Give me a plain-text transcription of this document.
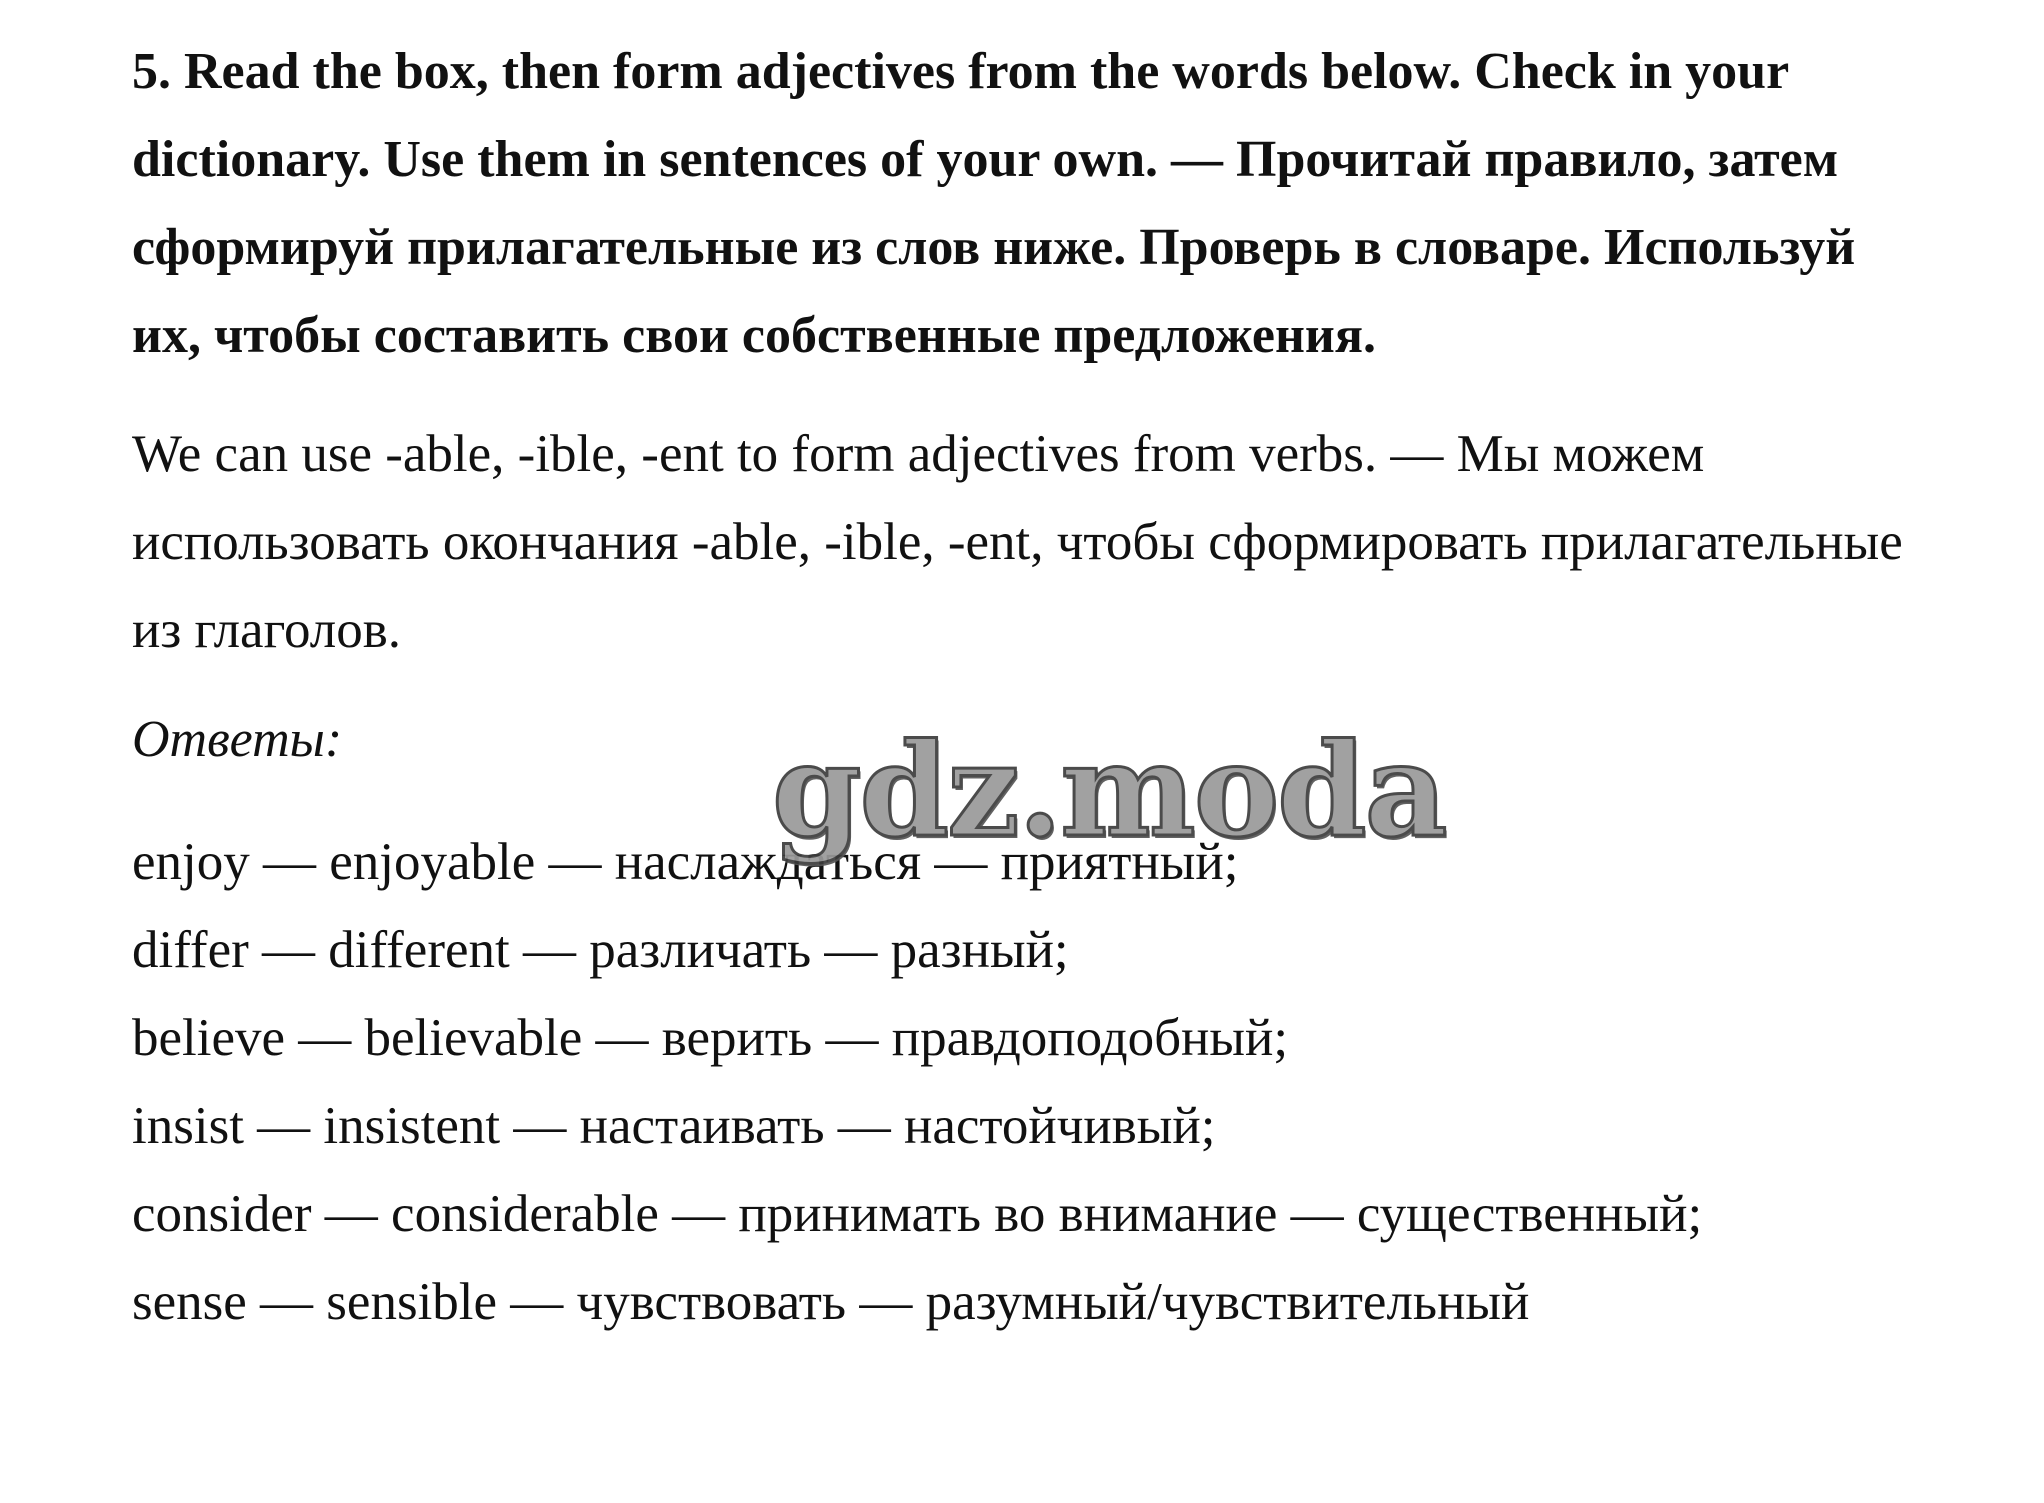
5. Read the box, then form adjectives from the words below. Check in your dictionary. Use them in sentences of your own. — Прочитай правило, затем сформируй прилагательные из слов ниже. Проверь в словаре. Используй их, чтобы составить свои собственные предложения.

We can use -able, -ible, -ent to form adjectives from verbs. — Мы можем использовать окончания -able, -ible, -ent, чтобы сформировать прилагательные из глаголов.

Ответы:
enjoy — enjoyable — наслаждаться — приятный;
differ — different — различать — разный;
believe — believable — верить — правдоподобный;
insist — insistent — настаивать — настойчивый;
consider — considerable — принимать во внимание — существенный;
sense — sensible — чувствовать — разумный/чувствительный
gdz.moda
